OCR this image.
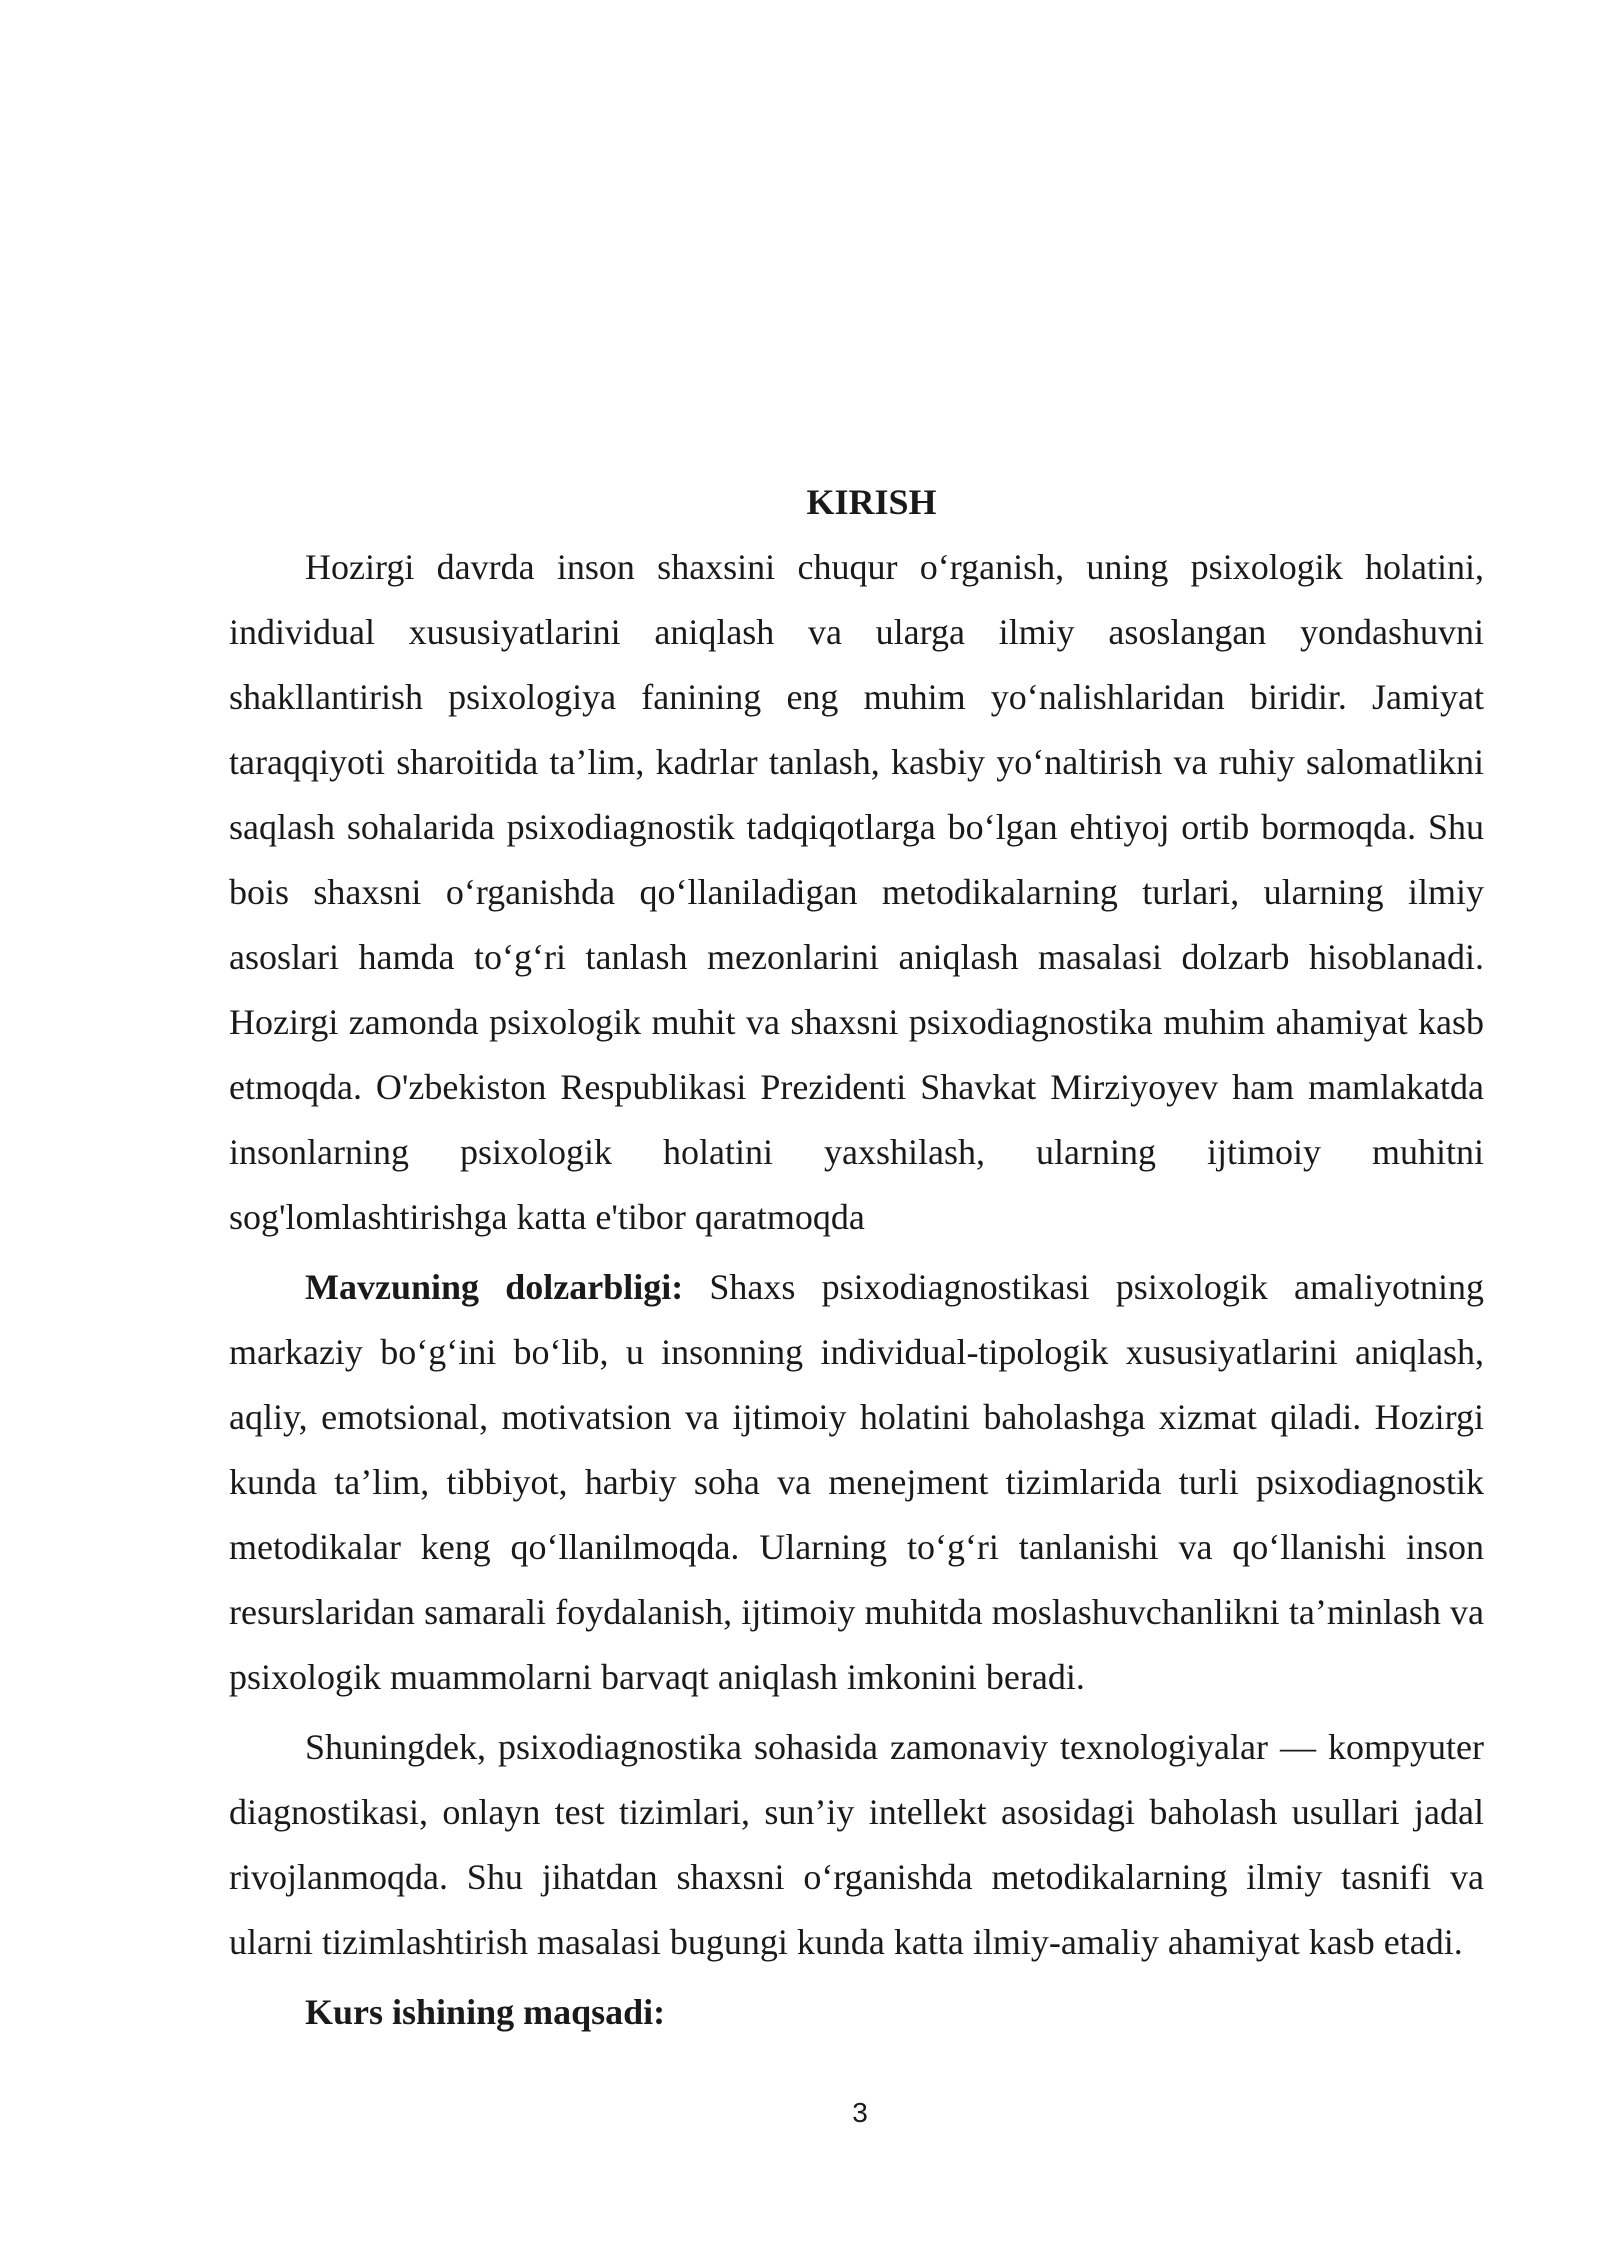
KIRISH

Hozirgi davrda inson shaxsini chuqur o‘rganish, uning psixologik holatini, individual xususiyatlarini aniqlash va ularga ilmiy asoslangan yondashuvni shakllantirish psixologiya fanining eng muhim yo‘nalishlaridan biridir. Jamiyat taraqqiyoti sharoitida ta’lim, kadrlar tanlash, kasbiy yo‘naltirish va ruhiy salomatlikni saqlash sohalarida psixodiagnostik tadqiqotlarga bo‘lgan ehtiyoj ortib bormoqda. Shu bois shaxsni o‘rganishda qo‘llaniladigan metodikalarning turlari, ularning ilmiy asoslari hamda to‘g‘ri tanlash mezonlarini aniqlash masalasi dolzarb hisoblanadi. Hozirgi zamonda psixologik muhit va shaxsni psixodiagnostika muhim ahamiyat kasb etmoqda. O'zbekiston Respublikasi Prezidenti Shavkat Mirziyoyev ham mamlakatda insonlarning psixologik holatini yaxshilash, ularning ijtimoiy muhitni sog'lomlashtirishga katta e'tibor qaratmoqda

Mavzuning dolzarbligi: Shaxs psixodiagnostikasi psixologik amaliyotning markaziy bo‘g‘ini bo‘lib, u insonning individual-tipologik xususiyatlarini aniqlash, aqliy, emotsional, motivatsion va ijtimoiy holatini baholashga xizmat qiladi. Hozirgi kunda ta’lim, tibbiyot, harbiy soha va menejment tizimlarida turli psixodiagnostik metodikalar keng qo‘llanilmoqda. Ularning to‘g‘ri tanlanishi va qo‘llanishi inson resurslaridan samarali foydalanish, ijtimoiy muhitda moslashuvchanlikni ta’minlash va psixologik muammolarni barvaqt aniqlash imkonini beradi.

Shuningdek, psixodiagnostika sohasida zamonaviy texnologiyalar — kompyuter diagnostikasi, onlayn test tizimlari, sun’iy intellekt asosidagi baholash usullari jadal rivojlanmoqda. Shu jihatdan shaxsni o‘rganishda metodikalarning ilmiy tasnifi va ularni tizimlashtirish masalasi bugungi kunda katta ilmiy-amaliy ahamiyat kasb etadi.

Kurs ishining maqsadi:

3
